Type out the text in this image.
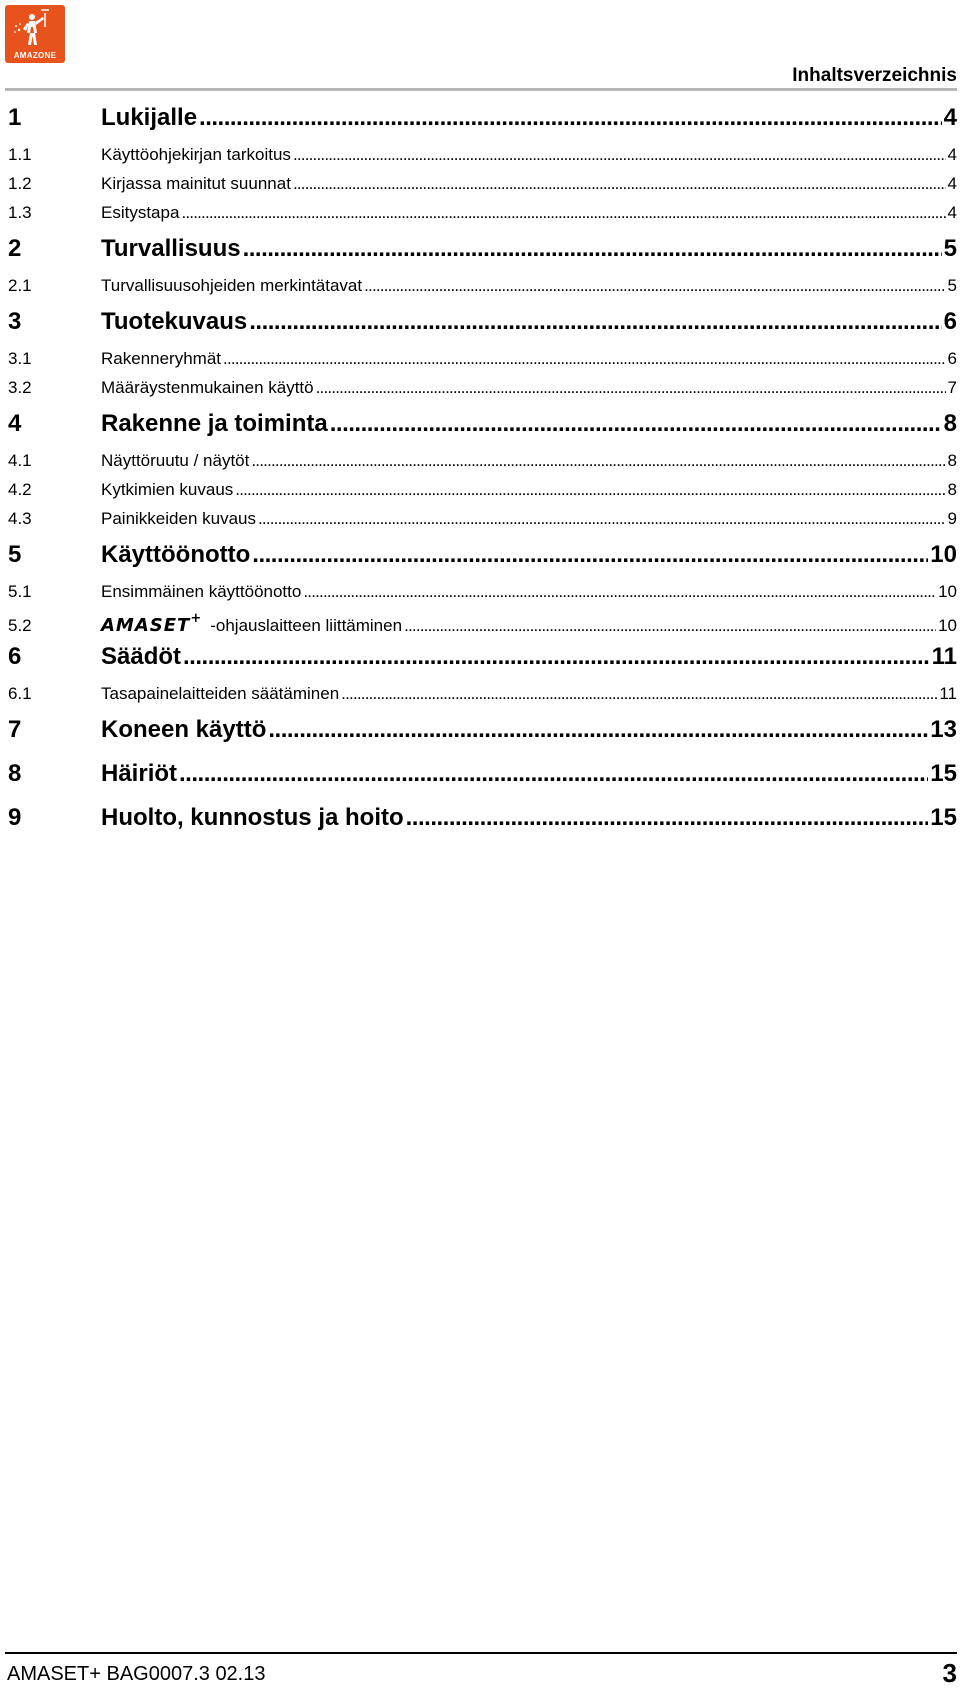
AMAZONE
Inhaltsverzeichnis
1	Lukijalle .....	4
1.1	Käyttöohjekirjan tarkoitus .....	4
1.2	Kirjassa mainitut suunnat .....	4
1.3	Esitystapa .....	4
2	Turvallisuus .....	5
2.1	Turvallisuusohjeiden merkintätavat .....	5
3	Tuotekuvaus .....	6
3.1	Rakenneryhmät .....	6
3.2	Määräystenmukainen käyttö .....	7
4	Rakenne ja toiminta .....	8
4.1	Näyttöruutu / näytöt .....	8
4.2	Kytkimien kuvaus .....	8
4.3	Painikkeiden kuvaus .....	9
5	Käyttöönotto .....	10
5.1	Ensimmäinen käyttöönotto .....	10
5.2	AMASET+ -ohjauslaitteen liittäminen .....	10
6	Säädöt .....	11
6.1	Tasapainelaitteiden säätäminen .....	11
7	Koneen käyttö .....	13
8	Häiriöt .....	15
9	Huolto, kunnostus ja hoito .....	15
AMASET+ BAG0007.3 02.13	3
